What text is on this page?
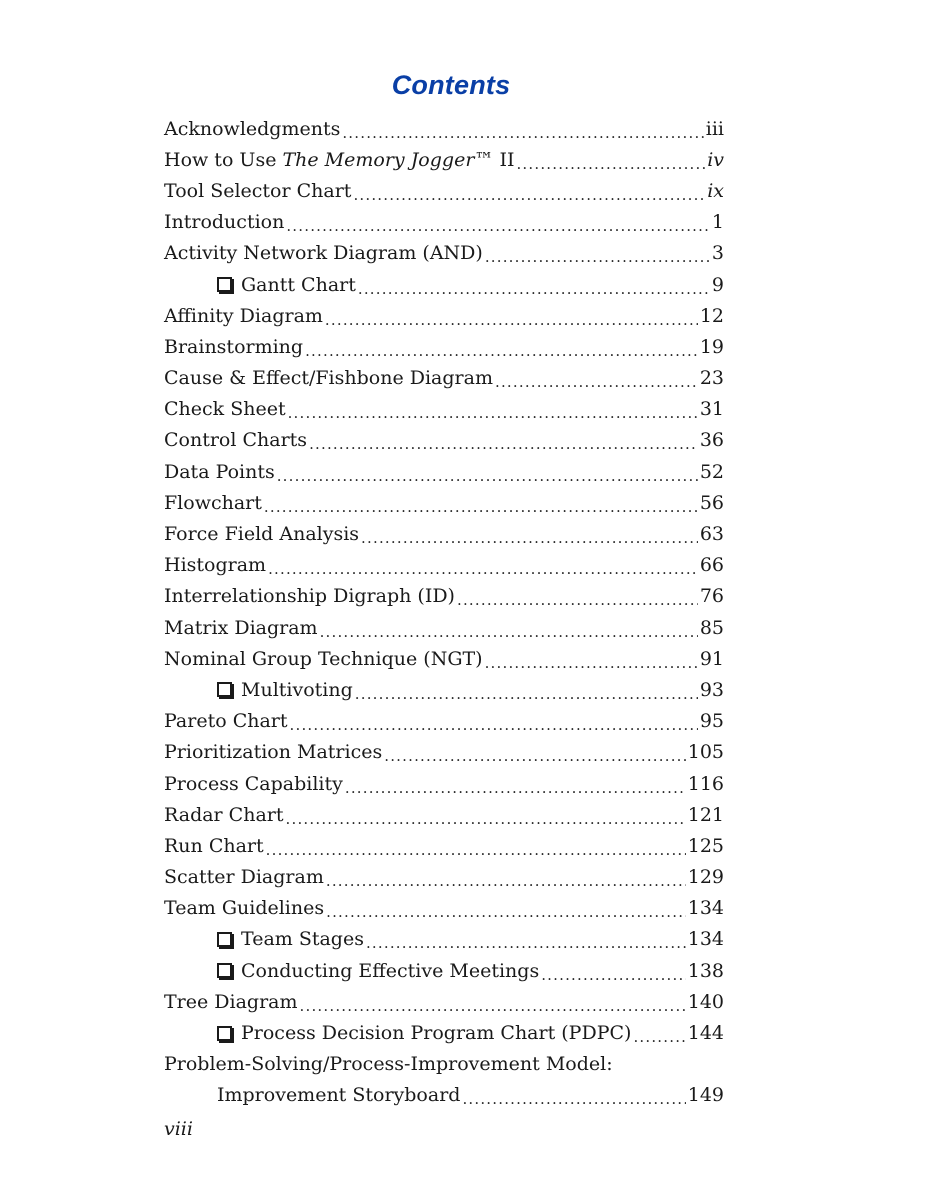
Contents
Acknowledgments .....	iii
How to Use The Memory Jogger™ II .....	iv
Tool Selector Chart .....	ix
Introduction .....	1
Activity Network Diagram (AND) .....	3
Gantt Chart .....	9
Affinity Diagram .....	12
Brainstorming .....	19
Cause & Effect/Fishbone Diagram .....	23
Check Sheet .....	31
Control Charts .....	36
Data Points .....	52
Flowchart .....	56
Force Field Analysis .....	63
Histogram .....	66
Interrelationship Digraph (ID) .....	76
Matrix Diagram .....	85
Nominal Group Technique (NGT) .....	91
Multivoting .....	93
Pareto Chart .....	95
Prioritization Matrices .....	105
Process Capability .....	116
Radar Chart .....	121
Run Chart .....	125
Scatter Diagram .....	129
Team Guidelines .....	134
Team Stages .....	134
Conducting Effective Meetings .....	138
Tree Diagram .....	140
Process Decision Program Chart (PDPC) .....	144
Problem-Solving/Process-Improvement Model:
Improvement Storyboard .....	149
viii
